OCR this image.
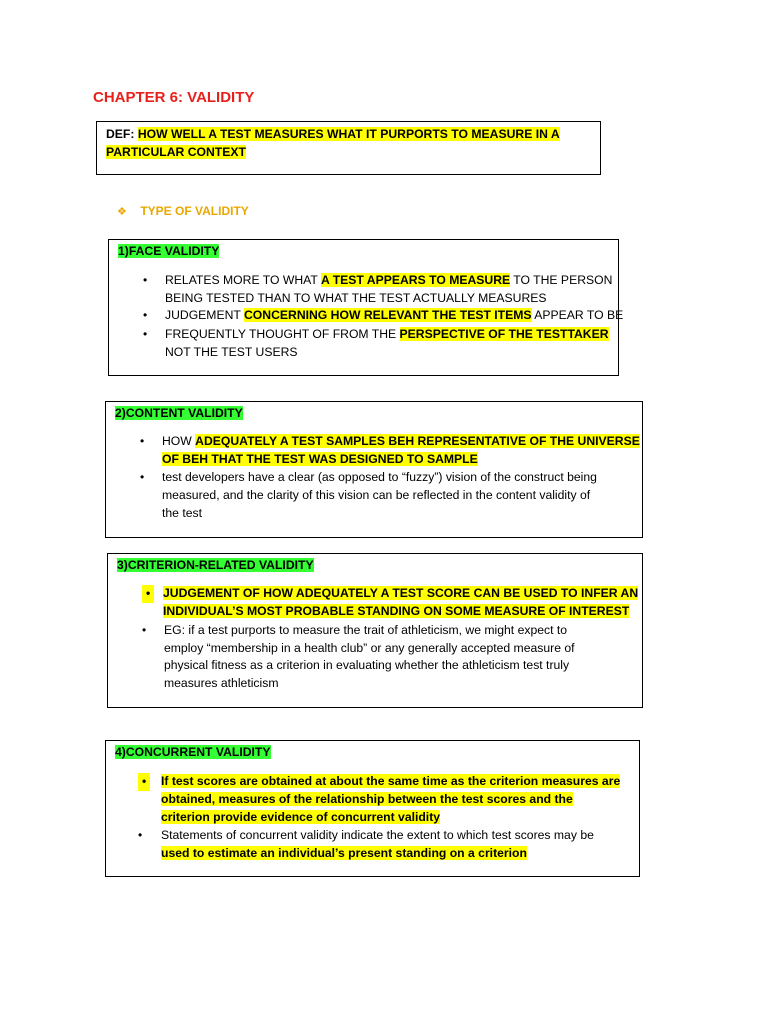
CHAPTER 6: VALIDITY
DEF: HOW WELL A TEST MEASURES WHAT IT PURPORTS TO MEASURE IN A
PARTICULAR CONTEXT
❖ TYPE OF VALIDITY
1)FACE VALIDITY
• RELATES MORE TO WHAT A TEST APPEARS TO MEASURE TO THE PERSON
BEING TESTED THAN TO WHAT THE TEST ACTUALLY MEASURES
• JUDGEMENT CONCERNING HOW RELEVANT THE TEST ITEMS APPEAR TO BE
• FREQUENTLY THOUGHT OF FROM THE PERSPECTIVE OF THE TESTTAKER
NOT THE TEST USERS
2)CONTENT VALIDITY
• HOW ADEQUATELY A TEST SAMPLES BEH REPRESENTATIVE OF THE UNIVERSE
OF BEH THAT THE TEST WAS DESIGNED TO SAMPLE
• test developers have a clear (as opposed to “fuzzy”) vision of the construct being
measured, and the clarity of this vision can be reflected in the content validity of
the test
3)CRITERION-RELATED VALIDITY
•	JUDGEMENT OF HOW ADEQUATELY A TEST SCORE CAN BE USED TO INFER AN
INDIVIDUAL’S MOST PROBABLE STANDING ON SOME MEASURE OF INTEREST
• EG: if a test purports to measure the trait of athleticism, we might expect to
employ “membership in a health club” or any generally accepted measure of
physical fitness as a criterion in evaluating whether the athleticism test truly
measures athleticism
4)CONCURRENT VALIDITY
•	If test scores are obtained at about the same time as the criterion measures are
obtained, measures of the relationship between the test scores and the
criterion provide evidence of concurrent validity
• Statements of concurrent validity indicate the extent to which test scores may be
used to estimate an individual’s present standing on a criterion
